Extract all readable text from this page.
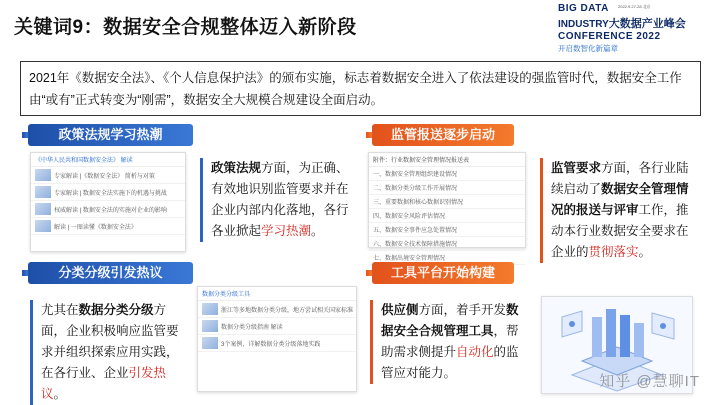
关键词9：数据安全合规整体迈入新阶段
BIG DATA	2022.9.27-28 北京
INDUSTRY大数据产业峰会
CONFERENCE 2022
开启数智化新篇章
2021年《数据安全法》、《个人信息保护法》的颁布实施，标志着数据安全进入了依法建设的强监管时代，数据安全工作由“或有”正式转变为“刚需”，数据安全大规模合规建设全面启动。
政策法规学习热潮
《中华人民共和国数据安全法》 解读
专家解读 |《数据安全法》 简析与对策
专家解读 | 数据安全法实施下的机遇与挑战
权威解读 | 数据安全法的实施对企业的影响
解读 | 一图读懂《数据安全法》
政策法规方面，为正确、有效地识别监管要求并在企业内部内化落地，各行各业掀起学习热潮。
监管报送逐步启动
附件：行业数据安全管理情况报送表
一、数据安全管理组织建设情况
二、数据分类分级工作开展情况
三、重要数据和核心数据识别情况
四、数据安全风险评估情况
五、数据安全事件应急处置情况
六、数据安全技术保障措施情况
七、数据出境安全管理情况
监管要求方面，各行业陆续启动了数据安全管理情况的报送与评审工作，推动本行业数据安全要求在企业的贯彻落实。
分类分级引发热议
尤其在数据分类分级方面，企业积极响应监管要求并组织探索应用实践，在各行业、企业引发热议。
数据分类分级工具
浙江等多地数据分类分级，地方尝试相关国家标准
数据分类分级指南 解读
3个案例，详解数据分类分级落地实践
工具平台开始构建
供应侧方面，着手开发数据安全合规管理工具，帮助需求侧提升自动化的监管应对能力。	知乎 @慧聊IT
